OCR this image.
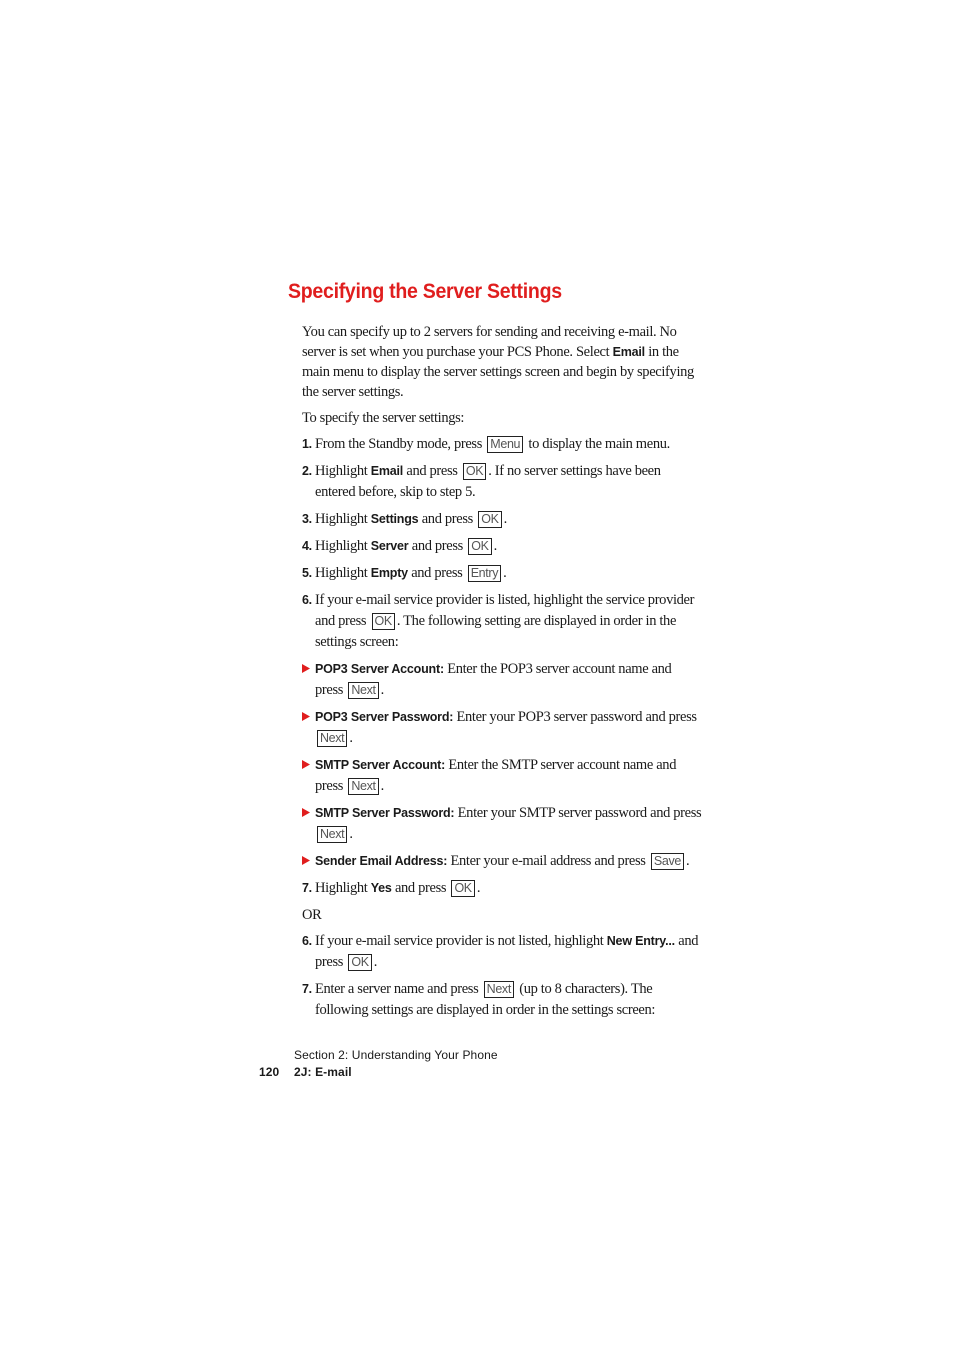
Specifying the Server Settings

You can specify up to 2 servers for sending and receiving e-mail. No server is set when you purchase your PCS Phone. Select Email in the main menu to display the server settings screen and begin by specifying the server settings.

To specify the server settings:

1. From the Standby mode, press Menu to display the main menu.
2. Highlight Email and press OK . If no server settings have been entered before, skip to step 5.
3. Highlight Settings and press OK .
4. Highlight Server and press OK .
5. Highlight Empty and press Entry .
6. If your e-mail service provider is listed, highlight the service provider and press OK . The following setting are displayed in order in the settings screen:
POP3 Server Account: Enter the POP3 server account name and press Next .
POP3 Server Password: Enter your POP3 server password and press Next .
SMTP Server Account: Enter the SMTP server account name and press Next .
SMTP Server Password: Enter your SMTP server password and press Next .
Sender Email Address: Enter your e-mail address and press Save .
7. Highlight Yes and press OK .

OR

6. If your e-mail service provider is not listed, highlight New Entry... and press OK .
7. Enter a server name and press Next (up to 8 characters). The following settings are displayed in order in the settings screen:
Section 2: Understanding Your Phone
120 2J: E-mail
